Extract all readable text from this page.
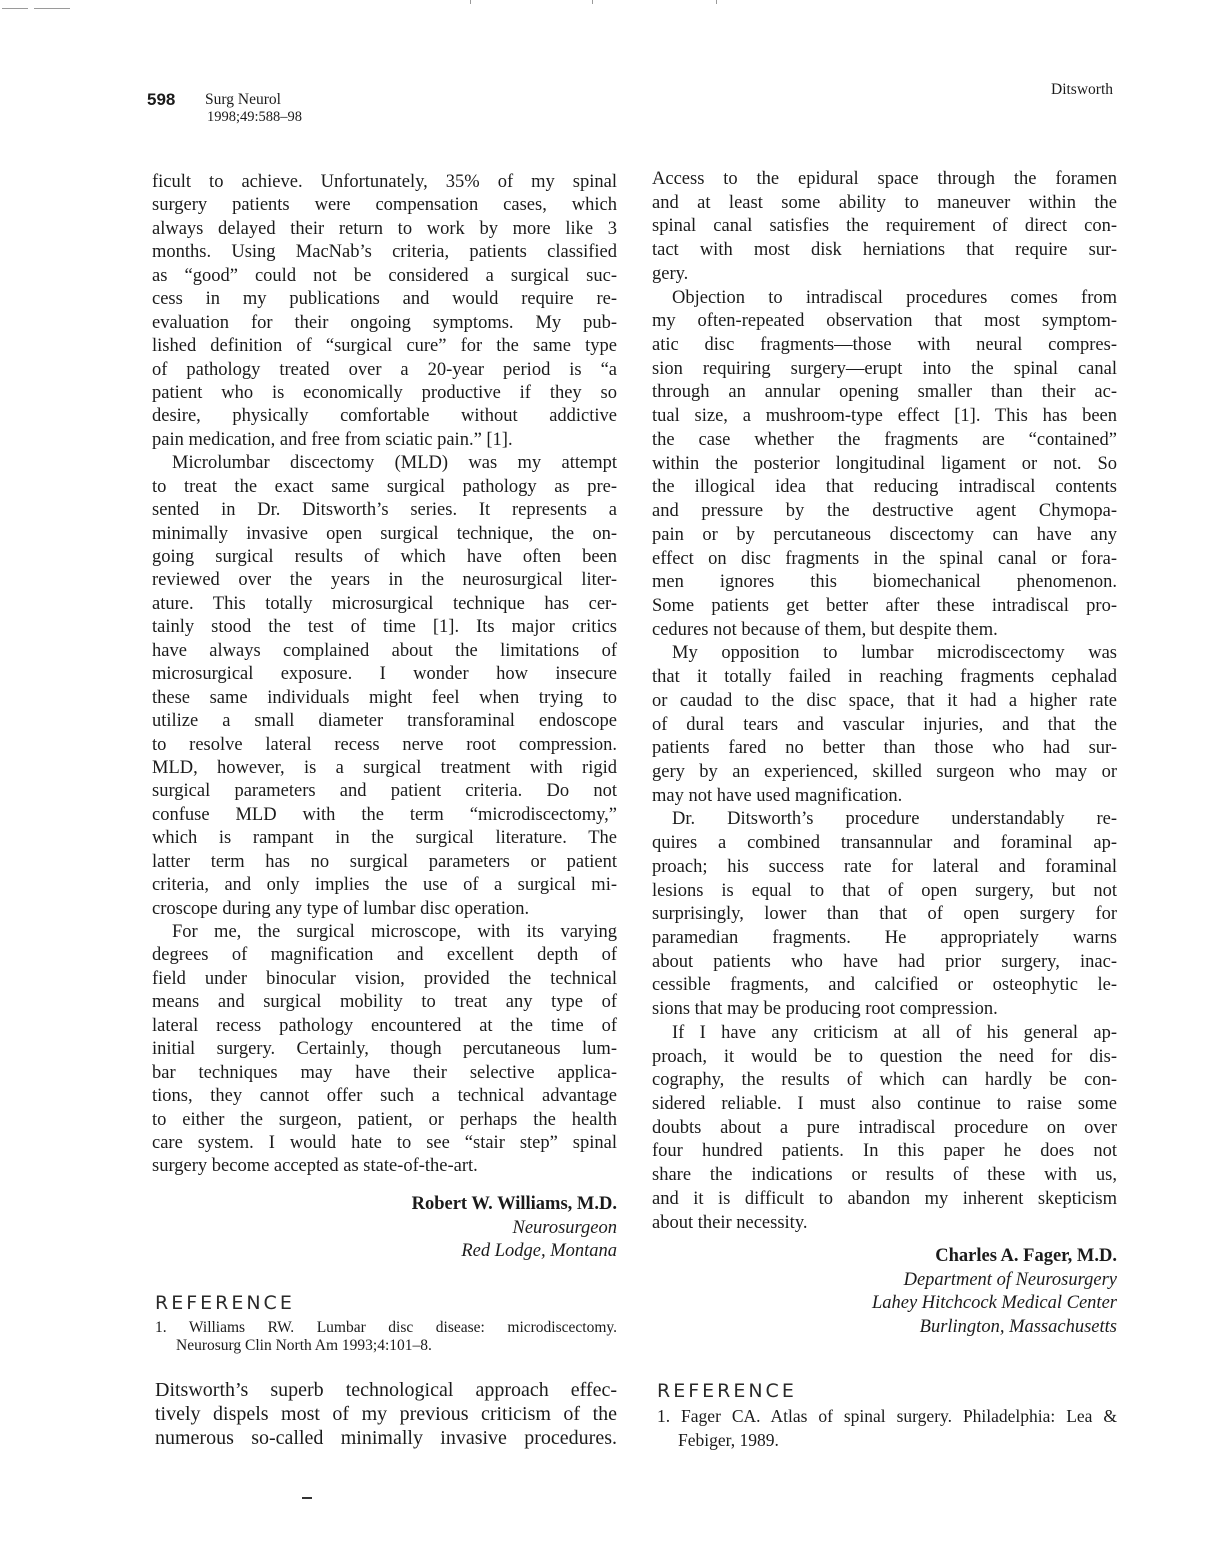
598 Surg Neurol
1998;49:588–98
Ditsworth
ficult to achieve. Unfortunately, 35% of my spinal
surgery patients were compensation cases, which
always delayed their return to work by more like 3
months. Using MacNab’s criteria, patients classified
as “good” could not be considered a surgical suc-
cess in my publications and would require re-
evaluation for their ongoing symptoms. My pub-
lished definition of “surgical cure” for the same type
of pathology treated over a 20-year period is “a
patient who is economically productive if they so
desire, physically comfortable without addictive
pain medication, and free from sciatic pain.” [1].
Microlumbar discectomy (MLD) was my attempt
to treat the exact same surgical pathology as pre-
sented in Dr. Ditsworth’s series. It represents a
minimally invasive open surgical technique, the on-
going surgical results of which have often been
reviewed over the years in the neurosurgical liter-
ature. This totally microsurgical technique has cer-
tainly stood the test of time [1]. Its major critics
have always complained about the limitations of
microsurgical exposure. I wonder how insecure
these same individuals might feel when trying to
utilize a small diameter transforaminal endoscope
to resolve lateral recess nerve root compression.
MLD, however, is a surgical treatment with rigid
surgical parameters and patient criteria. Do not
confuse MLD with the term “microdiscectomy,”
which is rampant in the surgical literature. The
latter term has no surgical parameters or patient
criteria, and only implies the use of a surgical mi-
croscope during any type of lumbar disc operation.
For me, the surgical microscope, with its varying
degrees of magnification and excellent depth of
field under binocular vision, provided the technical
means and surgical mobility to treat any type of
lateral recess pathology encountered at the time of
initial surgery. Certainly, though percutaneous lum-
bar techniques may have their selective applica-
tions, they cannot offer such a technical advantage
to either the surgeon, patient, or perhaps the health
care system. I would hate to see “stair step” spinal
surgery become accepted as state-of-the-art.
Access to the epidural space through the foramen
and at least some ability to maneuver within the
spinal canal satisfies the requirement of direct con-
tact with most disk herniations that require sur-
gery.
Objection to intradiscal procedures comes from
my often-repeated observation that most symptom-
atic disc fragments—those with neural compres-
sion requiring surgery—erupt into the spinal canal
through an annular opening smaller than their ac-
tual size, a mushroom-type effect [1]. This has been
the case whether the fragments are “contained”
within the posterior longitudinal ligament or not. So
the illogical idea that reducing intradiscal contents
and pressure by the destructive agent Chymopa-
pain or by percutaneous discectomy can have any
effect on disc fragments in the spinal canal or fora-
men ignores this biomechanical phenomenon.
Some patients get better after these intradiscal pro-
cedures not because of them, but despite them.
My opposition to lumbar microdiscectomy was
that it totally failed in reaching fragments cephalad
or caudad to the disc space, that it had a higher rate
of dural tears and vascular injuries, and that the
patients fared no better than those who had sur-
gery by an experienced, skilled surgeon who may or
may not have used magnification.
Dr. Ditsworth’s procedure understandably re-
quires a combined transannular and foraminal ap-
proach; his success rate for lateral and foraminal
lesions is equal to that of open surgery, but not
surprisingly, lower than that of open surgery for
paramedian fragments. He appropriately warns
about patients who have had prior surgery, inac-
cessible fragments, and calcified or osteophytic le-
sions that may be producing root compression.
If I have any criticism at all of his general ap-
proach, it would be to question the need for dis-
cography, the results of which can hardly be con-
sidered reliable. I must also continue to raise some
doubts about a pure intradiscal procedure on over
four hundred patients. In this paper he does not
share the indications or results of these with us,
and it is difficult to abandon my inherent skepticism
about their necessity.
Robert W. Williams, M.D.
Neurosurgeon
Red Lodge, Montana
REFERENCE
1. Williams RW. Lumbar disc disease: microdiscectomy.
Neurosurg Clin North Am 1993;4:101–8.
Ditsworth’s superb technological approach effec-
tively dispels most of my previous criticism of the
numerous so-called minimally invasive procedures.
Charles A. Fager, M.D.
Department of Neurosurgery
Lahey Hitchcock Medical Center
Burlington, Massachusetts
REFERENCE
1. Fager CA. Atlas of spinal surgery. Philadelphia: Lea &
Febiger, 1989.
